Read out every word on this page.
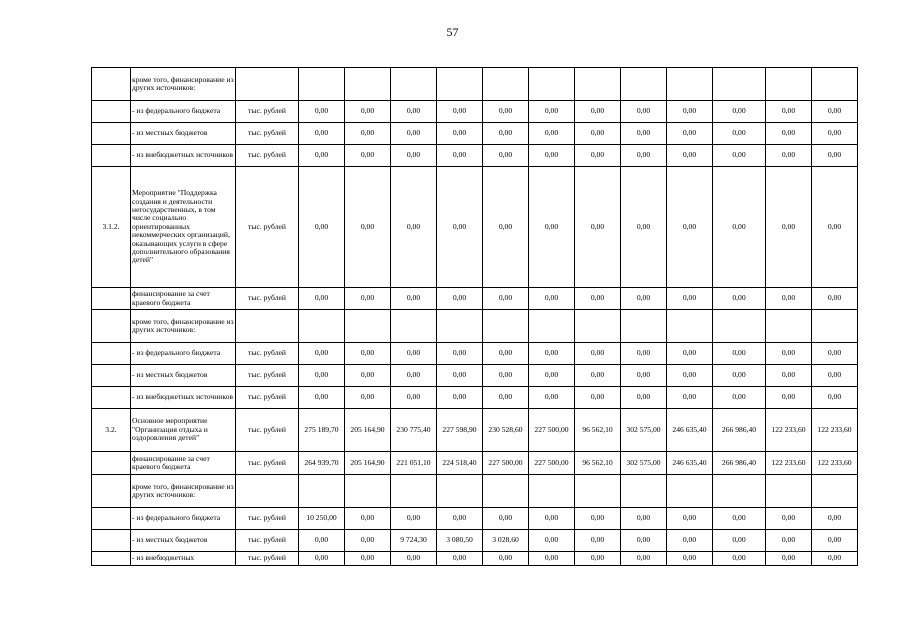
57
	кроме того, финансирование из других источников:													
	- из федерального бюджета	тыс. рублей	0,00	0,00	0,00	0,00	0,00	0,00	0,00	0,00	0,00	0,00	0,00	0,00
	- из местных бюджетов	тыс. рублей	0,00	0,00	0,00	0,00	0,00	0,00	0,00	0,00	0,00	0,00	0,00	0,00
	- из внебюджетных источников	тыс. рублей	0,00	0,00	0,00	0,00	0,00	0,00	0,00	0,00	0,00	0,00	0,00	0,00
3.1.2.	Мероприятие "Поддержка создания и деятельности негосударственных, в том числе социально ориентированных некоммерческих организаций, оказывающих услуги в сфере дополнительного образования детей"	тыс. рублей	0,00	0,00	0,00	0,00	0,00	0,00	0,00	0,00	0,00	0,00	0,00	0,00
	финансирование за счет краевого бюджета	тыс. рублей	0,00	0,00	0,00	0,00	0,00	0,00	0,00	0,00	0,00	0,00	0,00	0,00
	кроме того, финансирование из других источников:													
	- из федерального бюджета	тыс. рублей	0,00	0,00	0,00	0,00	0,00	0,00	0,00	0,00	0,00	0,00	0,00	0,00
	- из местных бюджетов	тыс. рублей	0,00	0,00	0,00	0,00	0,00	0,00	0,00	0,00	0,00	0,00	0,00	0,00
	- из внебюджетных источников	тыс. рублей	0,00	0,00	0,00	0,00	0,00	0,00	0,00	0,00	0,00	0,00	0,00	0,00
3.2.	Основное мероприятие "Организация отдыха и оздоровления детей"	тыс. рублей	275 189,70	205 164,90	230 775,40	227 598,90	230 528,60	227 500,00	96 562,10	302 575,00	246 635,40	266 986,40	122 233,60	122 233,60
	финансирование за счет краевого бюджета	тыс. рублей	264 939,70	205 164,90	221 051,10	224 518,40	227 500,00	227 500,00	96 562,10	302 575,00	246 635,40	266 986,40	122 233,60	122 233,60
	кроме того, финансирование из других источников:													
	- из федерального бюджета	тыс. рублей	10 250,00	0,00	0,00	0,00	0,00	0,00	0,00	0,00	0,00	0,00	0,00	0,00
	- из местных бюджетов	тыс. рублей	0,00	0,00	9 724,30	3 080,50	3 028,60	0,00	0,00	0,00	0,00	0,00	0,00	0,00
	- из внебюджетных	тыс. рублей	0,00	0,00	0,00	0,00	0,00	0,00	0,00	0,00	0,00	0,00	0,00	0,00
